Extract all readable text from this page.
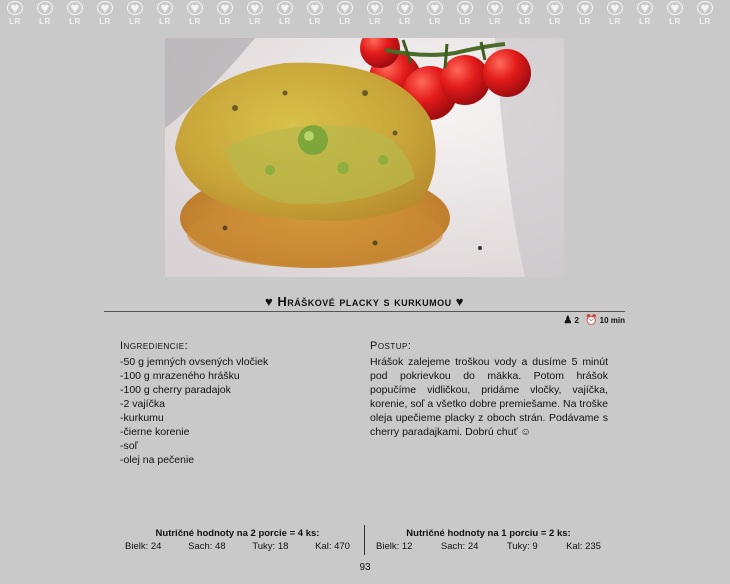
♥
LR
♥
LR
♥
LR
♥
LR
♥
LR
♥
LR
♥
LR
♥
LR
♥
LR
♥
LR
♥
LR
♥
LR
♥
LR
♥
LR
♥
LR
♥
LR
♥
LR
♥
LR
♥
LR
♥
LR
♥
LR
♥
LR
♥
LR
♥
LR
♥ Hráškové placky s kurkumou ♥
♟ 2 ⏰ 10 min
Ingrediencie:
-50 g jemných ovsených vločiek
-100 g mrazeného hrášku
-100 g cherry paradajok
-2 vajíčka
-kurkumu
-čierne korenie
-soľ
-olej na pečenie
Postup:

Hrášok zalejeme troškou vody a dusíme 5 minút pod pokrievkou do mäkka. Potom hrášok popučíme vidličkou, pridáme vločky, vajíčka, korenie, soľ a všetko dobre premiešame. Na troške oleja upečieme placky z oboch strán. Podávame s cherry paradajkami. Dobrú chuť ☺

Nutričné hodnoty na 2 porcie = 4 ks:
Bielk: 24	Sach: 48	Tuky: 18	Kal: 470
Nutričné hodnoty na 1 porciu = 2 ks:
Bielk: 12	Sach: 24	Tuky: 9	Kal: 235
93
